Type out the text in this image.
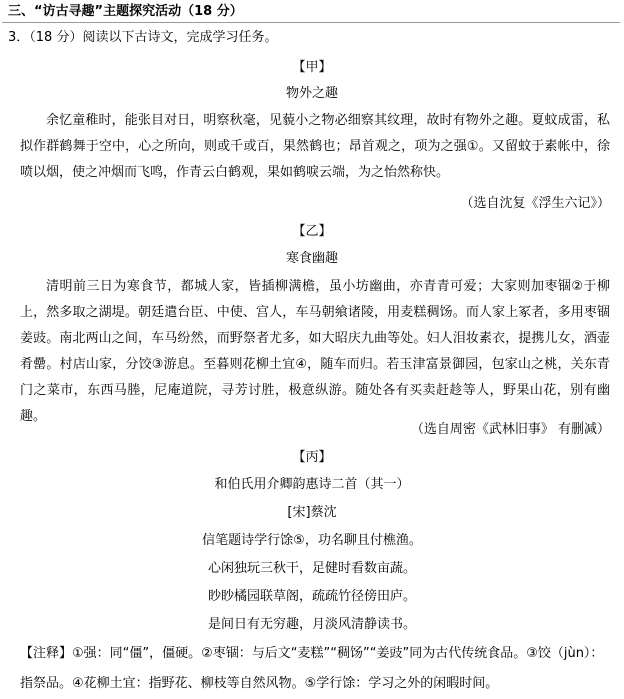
三、“访古寻趣”主题探究活动（18 分）
3．（18 分）阅读以下古诗文，完成学习任务。
【甲】
物外之趣
余忆童稚时，能张目对日，明察秋毫，见藐小之物必细察其纹理，故时有物外之趣。夏蚊成雷，私拟作群鹤舞于空中，心之所向，则或千或百，果然鹤也；昂首观之，项为之强①。又留蚊于素帐中，徐喷以烟，使之冲烟而飞鸣，作青云白鹤观，果如鹤唳云端，为之怡然称快。
（选自沈复《浮生六记》）
【乙】
寒食幽趣
清明前三日为寒食节，都城人家，皆插柳满檐，虽小坊幽曲，亦青青可爱；大家则加枣锢②于柳上，然多取之湖堤。朝廷遣台臣、中使、宫人，车马朝飨诸陵，用麦糕稠饧。而人家上冢者，多用枣锢姜豉。南北两山之间，车马纷然，而野祭者尤多，如大昭庆九曲等处。妇人泪妆素衣，提携儿女，酒壶肴罍。村店山家，分饺③游息。至暮则花柳土宜④，随车而归。若玉津富景御园，包家山之桃，关东青门之菜市，东西马塍，尼庵道院，寻芳讨胜，极意纵游。随处各有买卖赶趁等人，野果山花，别有幽趣。
（选自周密《武林旧事》 有删减）
【丙】
和伯氏用介卿韵惠诗二首（其一）
[宋]蔡沈
信笔题诗学行馀⑤，功名聊且付樵渔。
心闲独玩三秋干，足健时看数亩蔬。
眇眇橘园联草阁，疏疏竹径傍田庐。
是间日有无穷趣，月淡风清静读书。
【注释】①强：同“僵”，僵硬。②枣锢：与后文“麦糕”“稠饧”“姜豉”同为古代传统食品。③饺（jùn）：指祭品。④花柳土宜：指野花、柳枝等自然风物。⑤学行馀：学习之外的闲暇时间。
